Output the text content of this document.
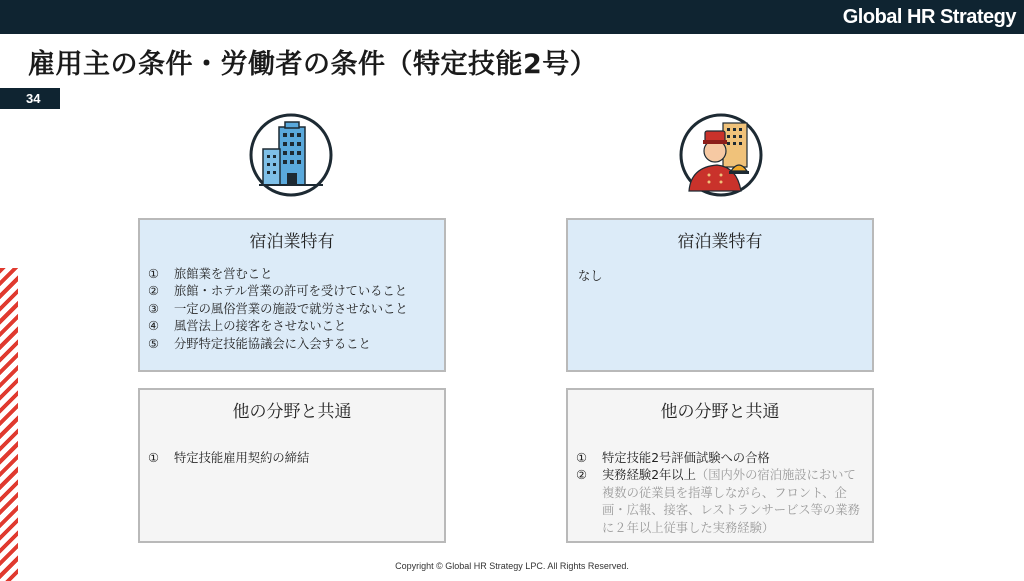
Global HR Strategy
雇用主の条件・労働者の条件（特定技能2号）
34
宿泊業特有
①	旅館業を営むこと
②	旅館・ホテル営業の許可を受けていること
③	一定の風俗営業の施設で就労させないこと
④	風営法上の接客をさせないこと
⑤	分野特定技能協議会に入会すること
他の分野と共通
①	特定技能雇用契約の締結
宿泊業特有
なし
他の分野と共通
①	特定技能2号評価試験への合格
②	実務経験2年以上（国内外の宿泊施設において複数の従業員を指導しながら、フロント、企画・広報、接客、レストランサービス等の業務に２年以上従事した実務経験）
Copyright © Global HR Strategy LPC. All Rights Reserved.
